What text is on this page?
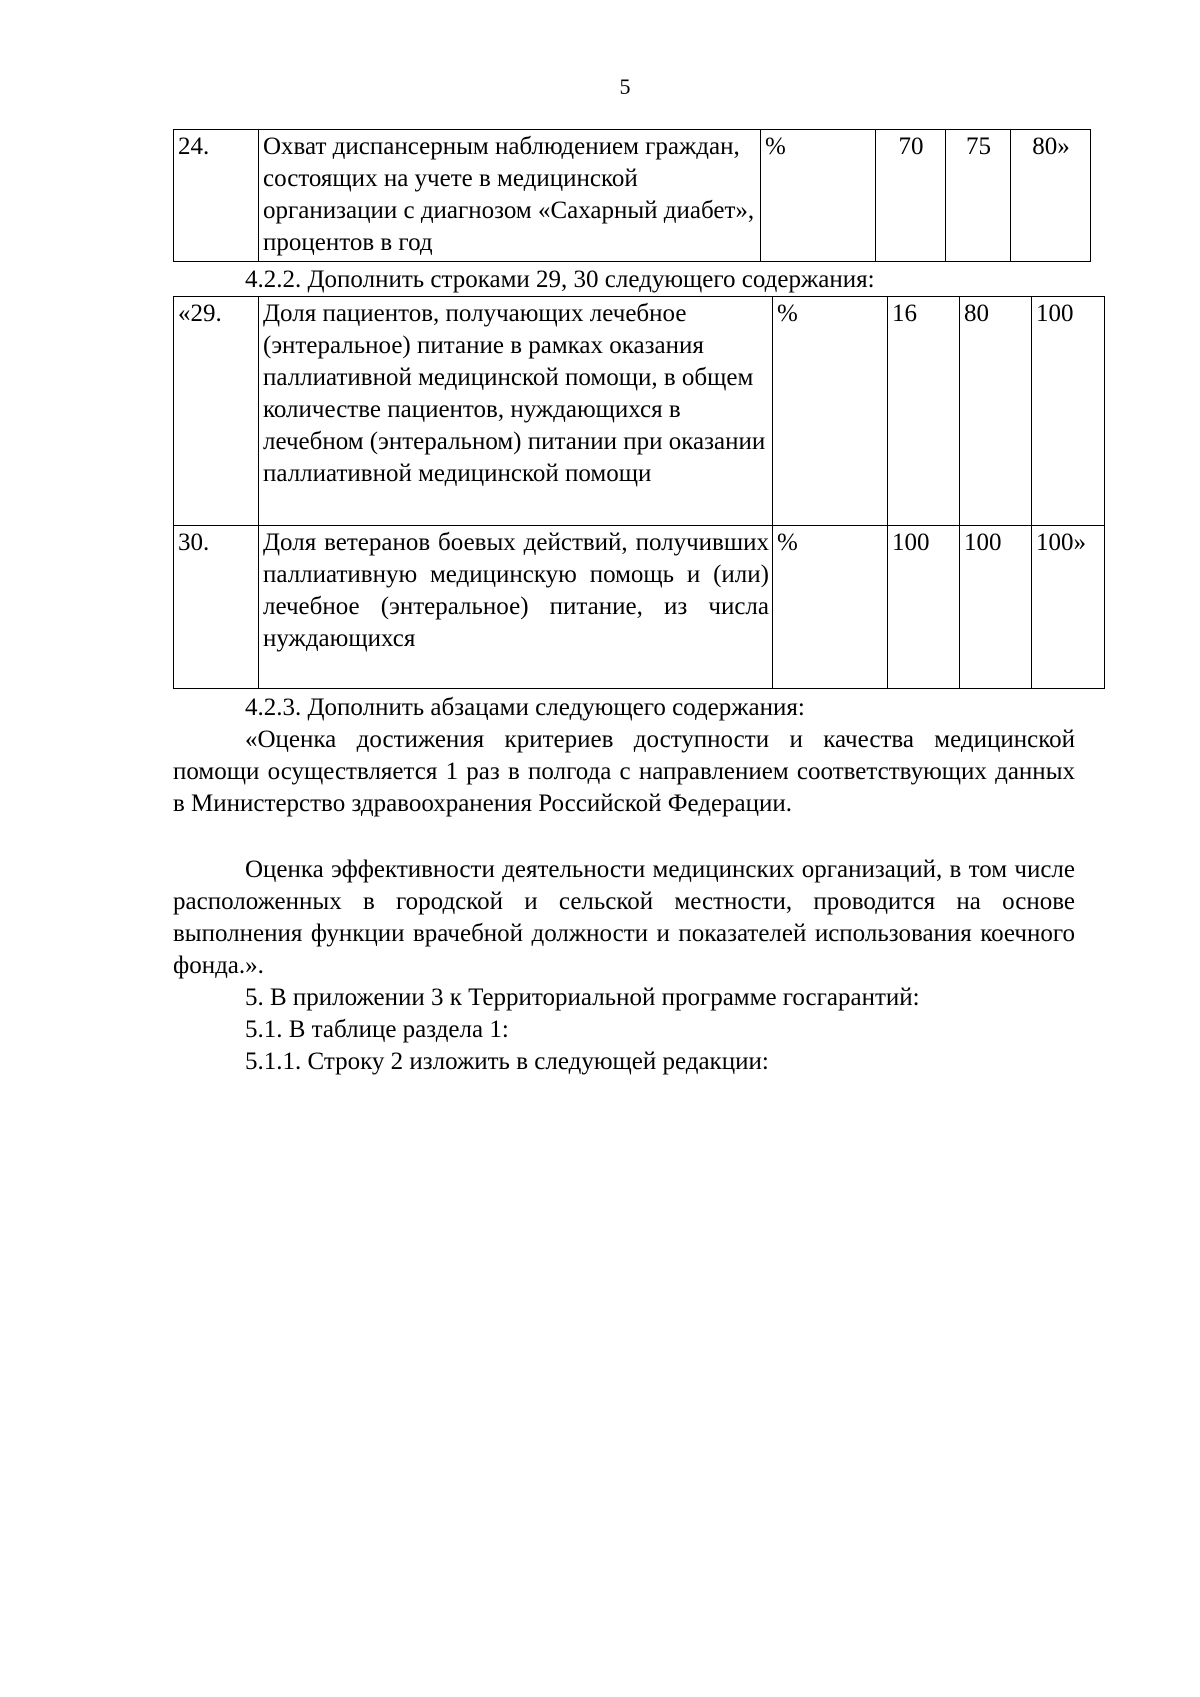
5
24.	Охват диспансерным наблюдением граждан, состоящих на учете в медицинской организации с диагнозом «Сахарный диабет», процентов в год	%	70	75	80»
4.2.2. Дополнить строками 29, 30 следующего содержания:
«29.	Доля пациентов, получающих лечебное (энтеральное) питание в рамках оказания паллиативной медицинской помощи, в общем количестве пациентов, нуждающихся в лечебном (энтеральном) питании при оказании паллиативной медицинской помощи	%	16	80	100
30.	Доля ветеранов боевых действий, получивших паллиативную медицинскую помощь и (или) лечебное (энтеральное) питание, из числа нуждающихся	%	100	100	100»
4.2.3. Дополнить абзацами следующего содержания:
«Оценка достижения критериев доступности и качества медицинской помощи осуществляется 1 раз в полгода с направлением соответствующих данных в Министерство здравоохранения Российской Федерации.
Оценка эффективности деятельности медицинских организаций, в том числе расположенных в городской и сельской местности, проводится на основе выполнения функции врачебной должности и показателей использования коечного фонда.».
5. В приложении 3 к Территориальной программе госгарантий:
5.1. В таблице раздела 1:
5.1.1. Строку 2 изложить в следующей редакции:
